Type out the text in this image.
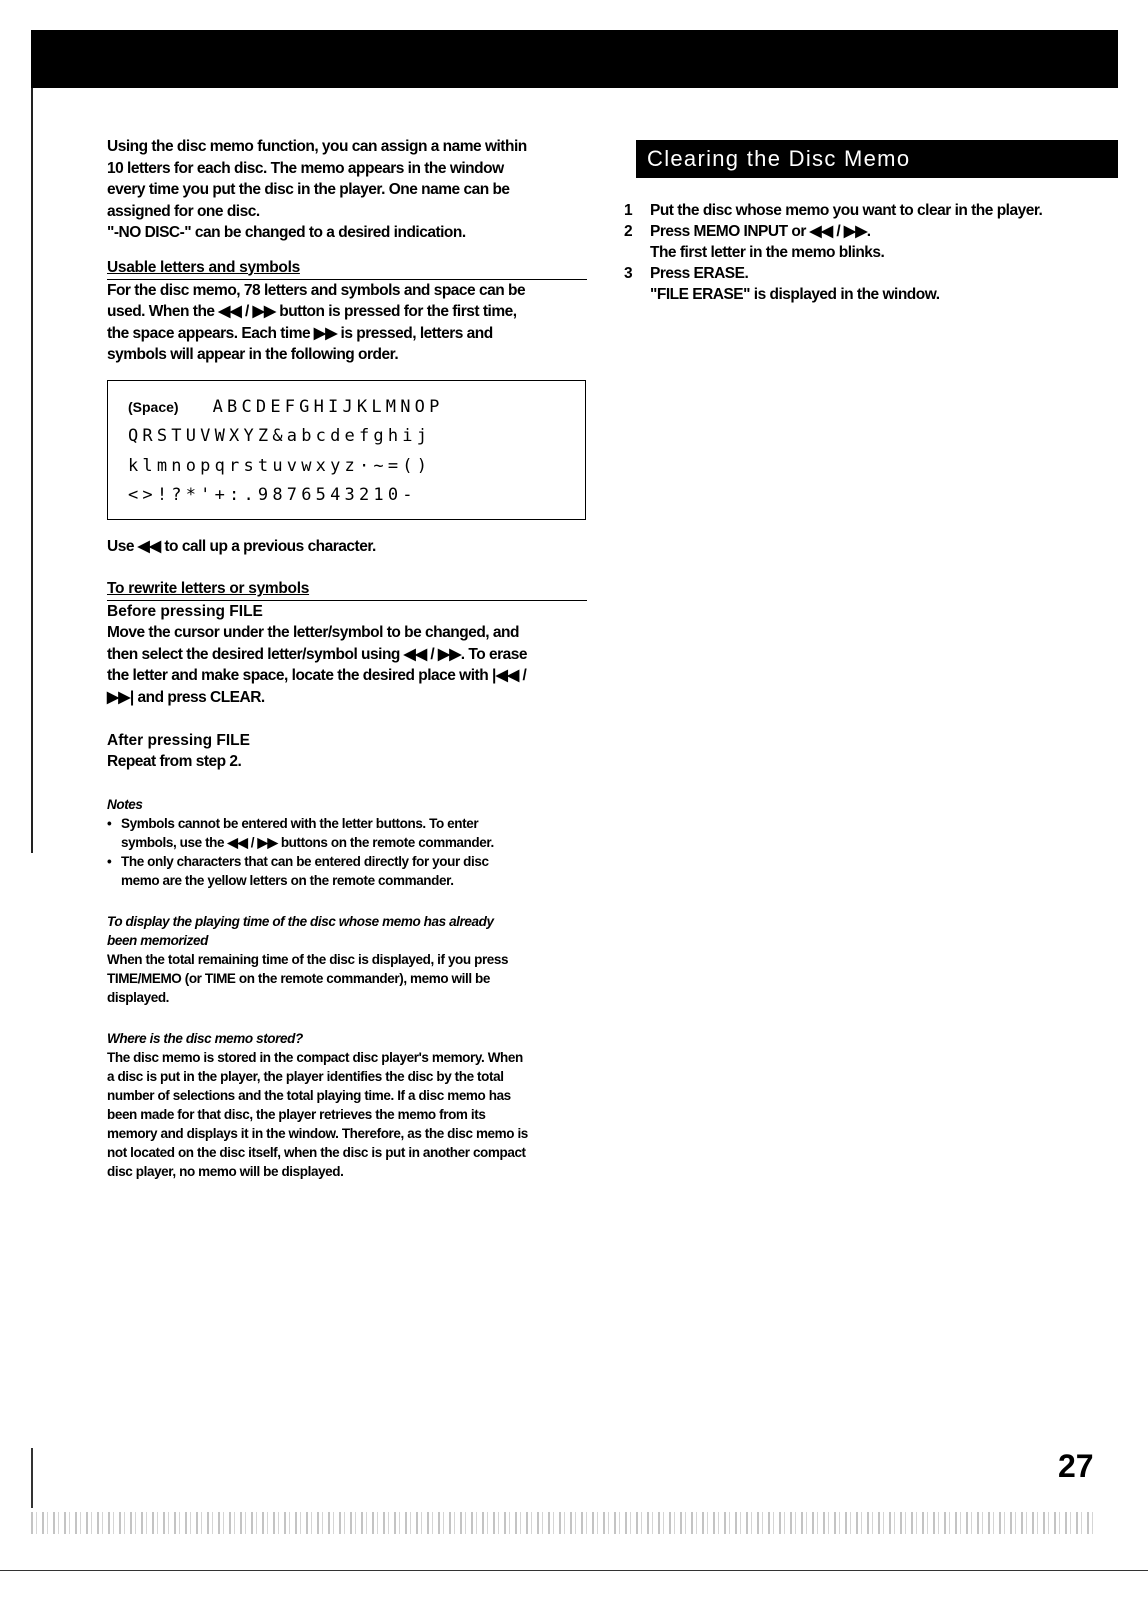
Using the disc memo function, you can assign a name within
10 letters for each disc. The memo appears in the window
every time you put the disc in the player. One name can be
assigned for one disc.
"-NO DISC-" can be changed to a desired indication.
Usable letters and symbols
For the disc memo, 78 letters and symbols and space can be
used. When the ◀◀ / ▶▶ button is pressed for the first time,
the space appears. Each time ▶▶ is pressed, letters and
symbols will appear in the following order.
(Space) ABCDEFGHIJKLMNOP
QRSTUVWXYZ&abcdefghij
klmnopqrstuvwxyz·~=()
<>!?*'+:.9876543210-
Use ◀◀ to call up a previous character.
To rewrite letters or symbols
Before pressing FILE
Move the cursor under the letter/symbol to be changed, and
then select the desired letter/symbol using ◀◀ / ▶▶. To erase
the letter and make space, locate the desired place with |◀◀ /
▶▶| and press CLEAR.
After pressing FILE
Repeat from step 2.
Notes
• Symbols cannot be entered with the letter buttons. To enter
symbols, use the ◀◀ / ▶▶ buttons on the remote commander.
• The only characters that can be entered directly for your disc
memo are the yellow letters on the remote commander.
To display the playing time of the disc whose memo has already
been memorized
When the total remaining time of the disc is displayed, if you press
TIME/MEMO (or TIME on the remote commander), memo will be
displayed.
Where is the disc memo stored?
The disc memo is stored in the compact disc player's memory. When
a disc is put in the player, the player identifies the disc by the total
number of selections and the total playing time. If a disc memo has
been made for that disc, the player retrieves the memo from its
memory and displays it in the window. Therefore, as the disc memo is
not located on the disc itself, when the disc is put in another compact
disc player, no memo will be displayed.
Clearing the Disc Memo
1 Put the disc whose memo you want to clear in the player.
2 Press MEMO INPUT or ◀◀ / ▶▶.
The first letter in the memo blinks.
3 Press ERASE.
"FILE ERASE" is displayed in the window.
27
